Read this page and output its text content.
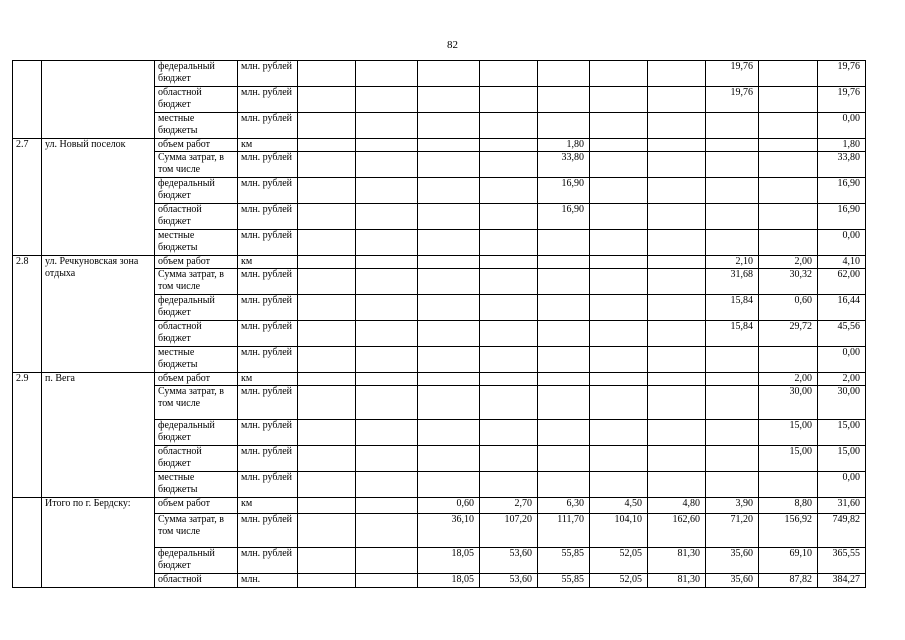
82
		федеральный бюджет	млн. рублей								19,76		19,76
		областной бюджет	млн. рублей								19,76		19,76
		местные бюджеты	млн. рублей										0,00
2.7	ул. Новый поселок	объем работ	км					1,80					1,80
		Сумма затрат, в том числе	млн. рублей					33,80					33,80
		федеральный бюджет	млн. рублей					16,90					16,90
		областной бюджет	млн. рублей					16,90					16,90
		местные бюджеты	млн. рублей										0,00
2.8	ул. Речкуновская зона отдыха	объем работ	км								2,10	2,00	4,10
		Сумма затрат, в том числе	млн. рублей								31,68	30,32	62,00
		федеральный бюджет	млн. рублей								15,84	0,60	16,44
		областной бюджет	млн. рублей								15,84	29,72	45,56
		местные бюджеты	млн. рублей										0,00
2.9	п. Вега	объем работ	км									2,00	2,00
		Сумма затрат, в том числе	млн. рублей									30,00	30,00
		федеральный бюджет	млн. рублей									15,00	15,00
		областной бюджет	млн. рублей									15,00	15,00
		местные бюджеты	млн. рублей										0,00
	Итого по г. Бердску:	объем работ	км			0,60	2,70	6,30	4,50	4,80	3,90	8,80	31,60
		Сумма затрат, в том числе	млн. рублей			36,10	107,20	111,70	104,10	162,60	71,20	156,92	749,82
		федеральный бюджет	млн. рублей			18,05	53,60	55,85	52,05	81,30	35,60	69,10	365,55
		областной	млн.			18,05	53,60	55,85	52,05	81,30	35,60	87,82	384,27
